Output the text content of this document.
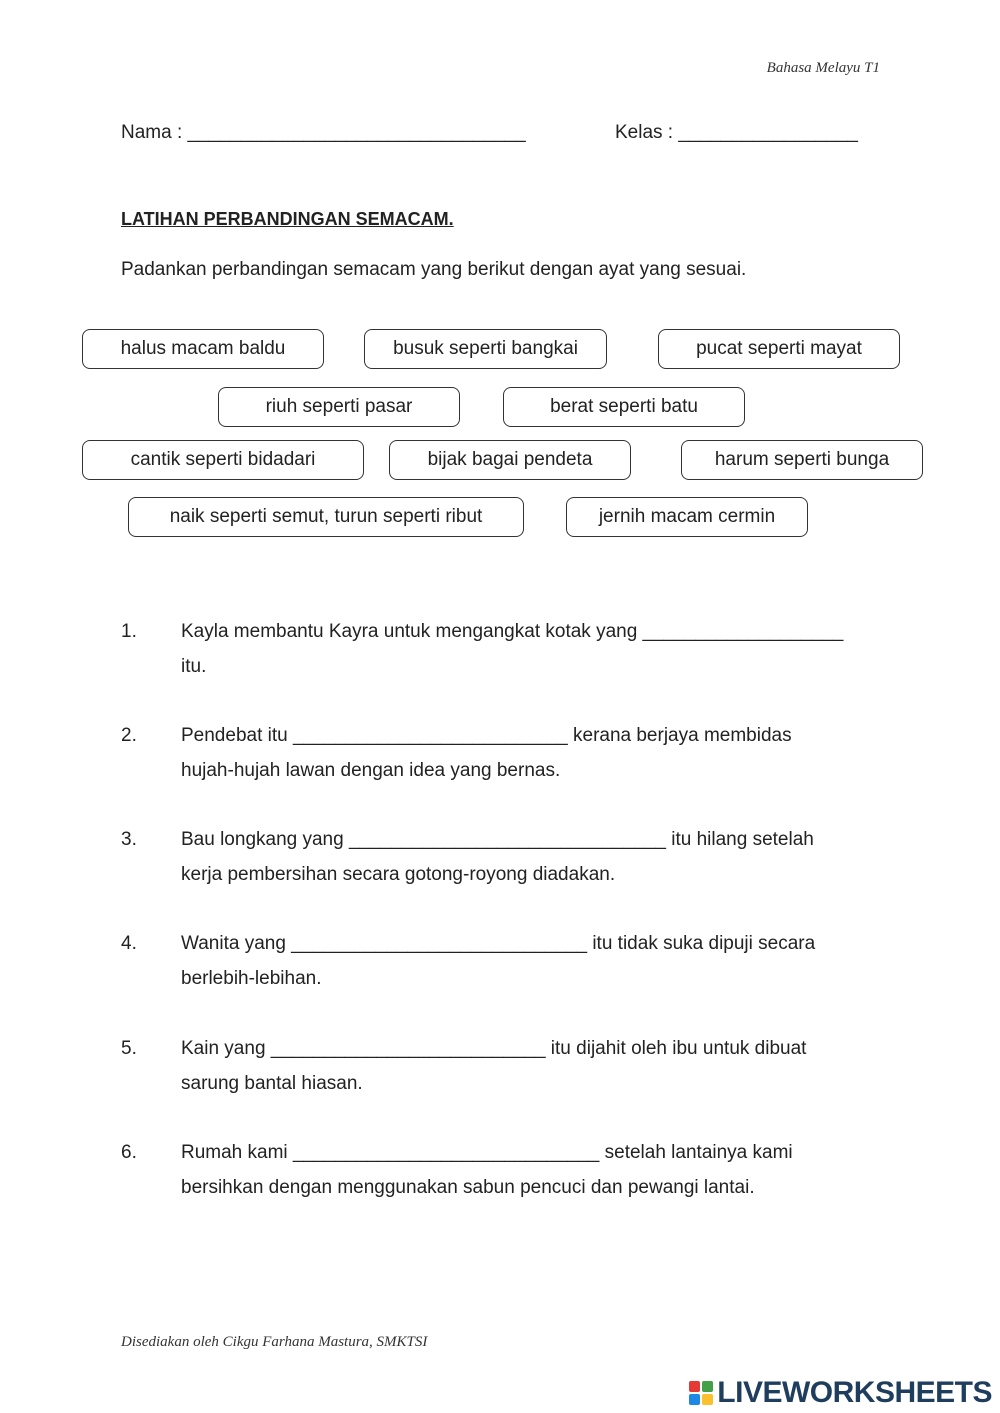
Bahasa Melayu T1
Nama : ________________________________	Kelas : _________________
LATIHAN PERBANDINGAN SEMACAM.
Padankan perbandingan semacam yang berikut dengan ayat yang sesuai.
halus macam baldu	busuk seperti bangkai	pucat seperti mayat
riuh seperti pasar	berat seperti batu
cantik seperti bidadari	bijak bagai pendeta	harum seperti bunga
naik seperti semut, turun seperti ribut	jernih macam cermin
1. Kayla membantu Kayra untuk mengangkat kotak yang ___________________
itu.
2. Pendebat itu __________________________ kerana berjaya membidas
hujah-hujah lawan dengan idea yang bernas.
3. Bau longkang yang ______________________________ itu hilang setelah
kerja pembersihan secara gotong-royong diadakan.
4. Wanita yang ____________________________ itu tidak suka dipuji secara
berlebih-lebihan.
5. Kain yang __________________________ itu dijahit oleh ibu untuk dibuat
sarung bantal hiasan.
6. Rumah kami _____________________________ setelah lantainya kami
bersihkan dengan menggunakan sabun pencuci dan pewangi lantai.
Disediakan oleh Cikgu Farhana Mastura, SMKTSI
LIVEWORKSHEETS
